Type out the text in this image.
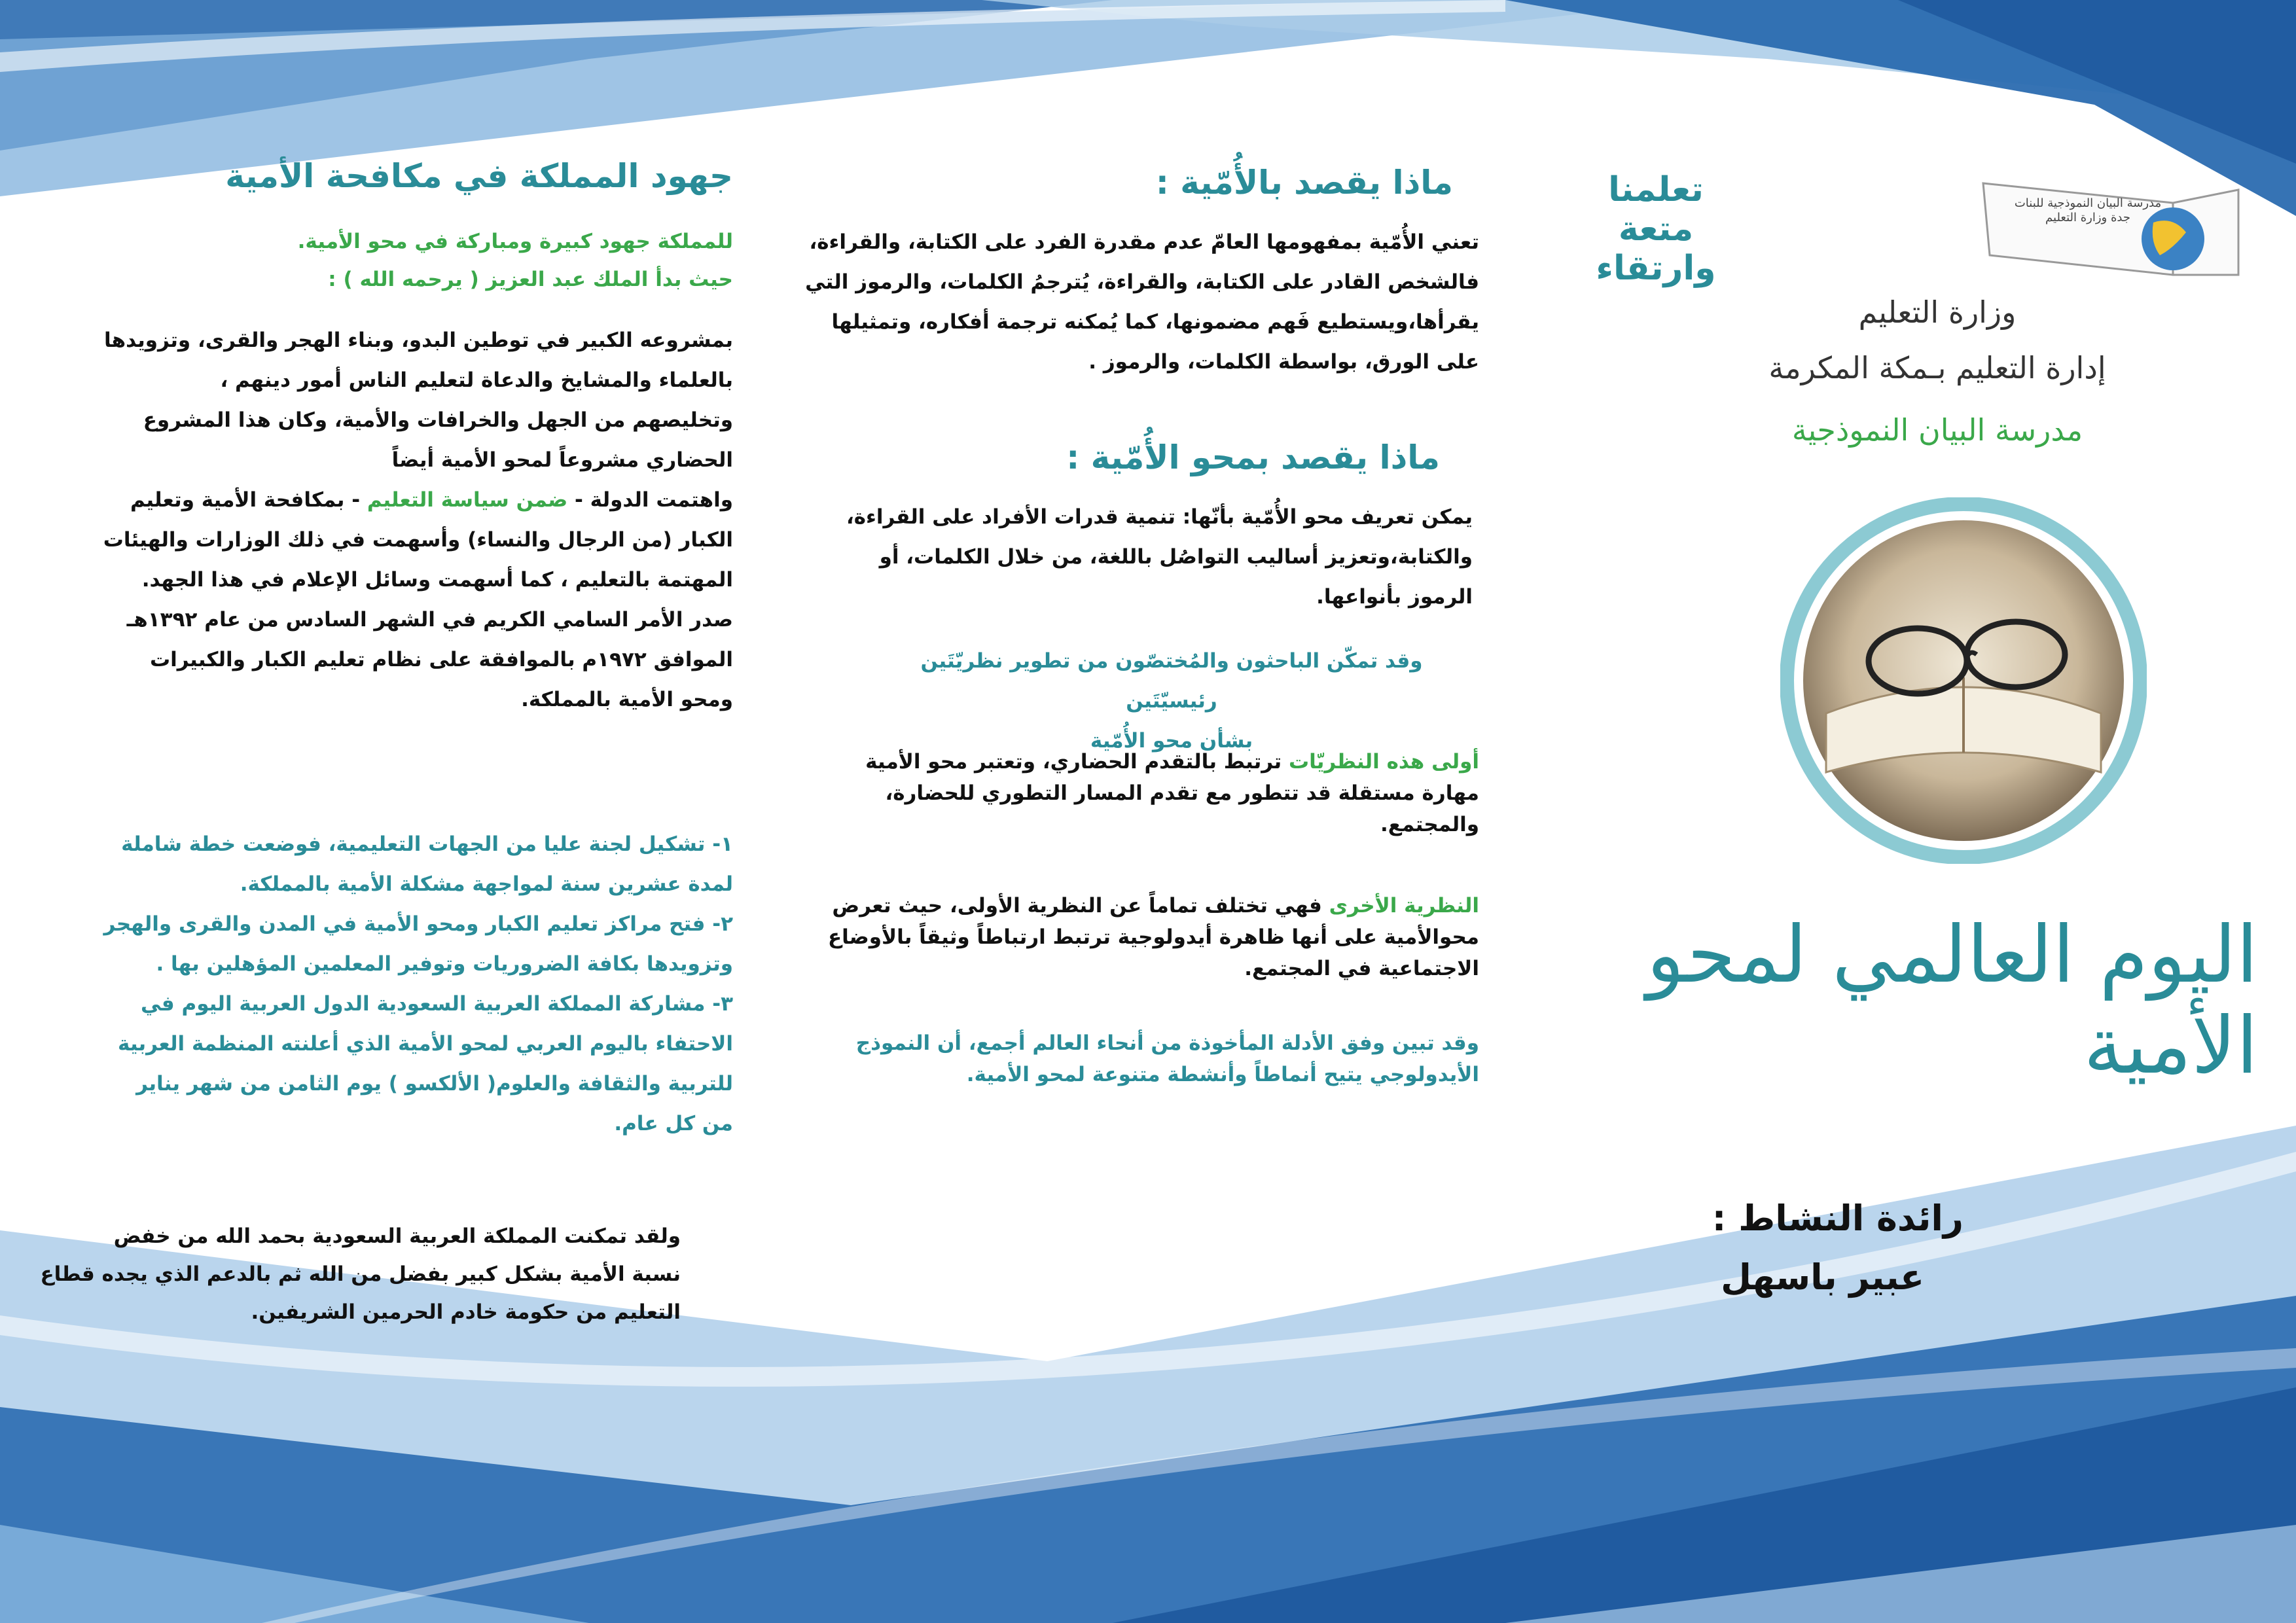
مدرسة البيان النموذجية للبنات جدة وزارة التعليم
تعلمنا متعة وارتقاء
وزارة التعليم
إدارة التعليم بـمكة المكرمة
مدرسة البيان النموذجية
اليوم العالمي لمحو الأمية
رائدة النشاط :
عبير باسهل
ماذا يقصد بالأُمّية :

تعني الأُمّية بمفهومها العامّ عدم مقدرة الفرد على الكتابة، والقراءة،

فالشخص القادر على الكتابة، والقراءة، يُترجمُ الكلمات، والرموز التي

يقرأها،ويستطيع فَهم مضمونها، كما يُمكنه ترجمة أفكاره، وتمثيلها

على الورق، بواسطة الكلمات، والرموز .

ماذا يقصد بمحو الأُمّية :

يمكن تعريف محو الأُمّية بأنّها: تنمية قدرات الأفراد على القراءة،

والكتابة،وتعزيز أساليب التواصُل باللغة، من خلال الكلمات، أو

الرموز بأنواعها.

وقد تمكّن الباحثون والمُختصّون من تطوير نظريّتَين رئيسيّتَين

بشأن محو الأُمّية

أولى هذه النظريّات ترتبط بالتقدم الحضاري، وتعتبر محو الأمية

مهارة مستقلة قد تتطور مع تقدم المسار التطوري للحضارة،

والمجتمع.

النظرية الأخرى فهي تختلف تماماً عن النظرية الأولى، حيث تعرض

محوالأمية على أنها ظاهرة أيدولوجية ترتبط ارتباطاً وثيقاً بالأوضاع

الاجتماعية في المجتمع.

وقد تبين وفق الأدلة المأخوذة من أنحاء العالم أجمع، أن النموذج

الأيدولوجي يتيح أنماطاً وأنشطة متنوعة لمحو الأمية.

جهود المملكة في مكافحة الأمية

للمملكة جهود كبيرة ومباركة في محو الأمية.

حيث بدأ الملك عبد العزيز ( يرحمه الله ) :

بمشروعه الكبير في توطين البدو، وبناء الهجر والقرى، وتزويدها

بالعلماء والمشايخ والدعاة لتعليم الناس أمور دينهم ،

وتخليصهم من الجهل والخرافات والأمية، وكان هذا المشروع

الحضاري مشروعاً لمحو الأمية أيضاً

واهتمت الدولة - ضمن سياسة التعليم - بمكافحة الأمية وتعليم

الكبار (من الرجال والنساء) وأسهمت في ذلك الوزارات والهيئات

المهتمة بالتعليم ، كما أسهمت وسائل الإعلام في هذا الجهد.

صدر الأمر السامي الكريم في الشهر السادس من عام ١٣٩٢هـ

الموافق ١٩٧٢م بالموافقة على نظام تعليم الكبار والكبيرات

ومحو الأمية بالمملكة.

١- تشكيل لجنة عليا من الجهات التعليمية، فوضعت خطة شاملة

لمدة عشرين سنة لمواجهة مشكلة الأمية بالمملكة.

٢- فتح مراكز تعليم الكبار ومحو الأمية في المدن والقرى والهجر

وتزويدها بكافة الضروريات وتوفير المعلمين المؤهلين بها .

٣- مشاركة المملكة العربية السعودية الدول العربية اليوم في

الاحتفاء باليوم العربي لمحو الأمية الذي أعلنته المنظمة العربية

للتربية والثقافة والعلوم( الألكسو ) يوم الثامن من شهر يناير

من كل عام.

ولقد تمكنت المملكة العربية السعودية بحمد الله من خفض

نسبة الأمية بشكل كبير بفضل من الله ثم بالدعم الذي يجده قطاع

التعليم من حكومة خادم الحرمين الشريفين.
